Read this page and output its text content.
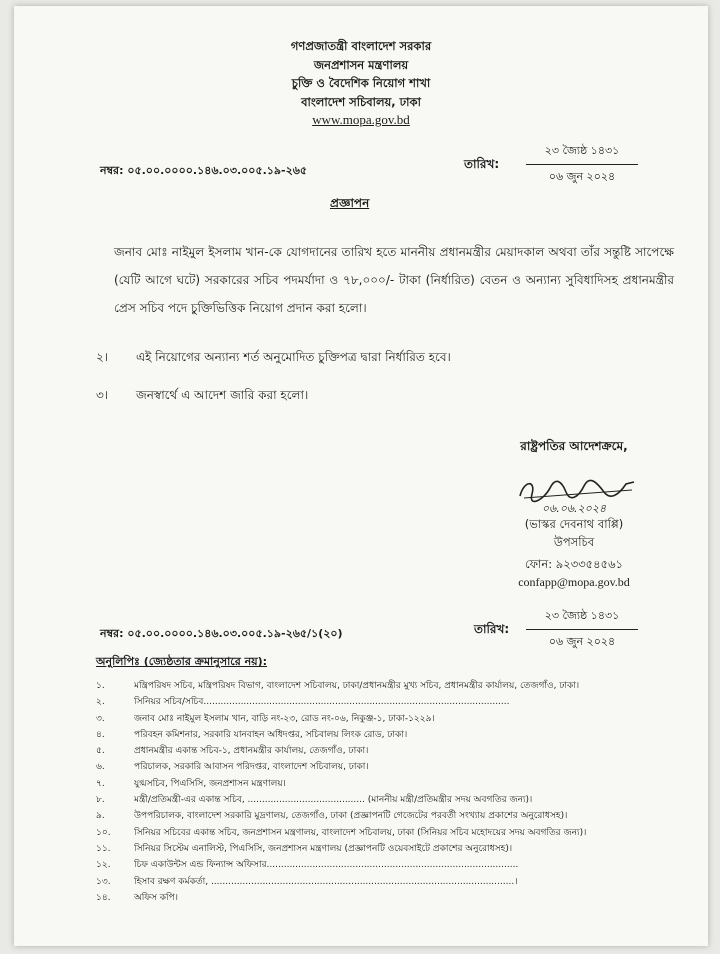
গণপ্রজাতন্ত্রী বাংলাদেশ সরকার
জনপ্রশাসন মন্ত্রণালয়
চুক্তি ও বৈদেশিক নিয়োগ শাখা
বাংলাদেশ সচিবালয়, ঢাকা
www.mopa.gov.bd
নম্বর: ০৫.০০.০০০০.১৪৬.০৩.০০৫.১৯-২৬৫	তারিখ:
২৩ জ্যৈষ্ঠ ১৪৩১
০৬ জুন ২০২৪
প্রজ্ঞাপন
জনাব মোঃ নাইমুল ইসলাম খান-কে যোগদানের তারিখ হতে মাননীয় প্রধানমন্ত্রীর মেয়াদকাল অথবা তাঁর সন্তুষ্টি সাপেক্ষে (যেটি আগে ঘটে) সরকারের সচিব পদমর্যাদা ও ৭৮,০০০/- টাকা (নির্ধারিত) বেতন ও অন্যান্য সুবিধাদিসহ প্রধানমন্ত্রীর প্রেস সচিব পদে চুক্তিভিত্তিক নিয়োগ প্রদান করা হলো।
২। এই নিয়োগের অন্যান্য শর্ত অনুমোদিত চুক্তিপত্র দ্বারা নির্ধারিত হবে।
৩। জনস্বার্থে এ আদেশ জারি করা হলো।
রাষ্ট্রপতির আদেশক্রমে,
০৬.০৬.২০২৪
(ভাস্কর দেবনাথ বাপ্পি)
উপসচিব
ফোন: ৯২৩৩৫৪৫৬১
confapp@mopa.gov.bd
নম্বর: ০৫.০০.০০০০.১৪৬.০৩.০০৫.১৯-২৬৫/১(২০)	তারিখ:
২৩ জ্যৈষ্ঠ ১৪৩১
০৬ জুন ২০২৪
অনুলিপিঃ (জ্যেষ্ঠতার ক্রমানুসারে নয়):
১.	মন্ত্রিপরিষদ সচিব, মন্ত্রিপরিষদ বিভাগ, বাংলাদেশ সচিবালয়, ঢাকা/প্রধানমন্ত্রীর মুখ্য সচিব, প্রধানমন্ত্রীর কার্যালয়, তেজগাঁও, ঢাকা।
২.	সিনিয়র সচিব/সচিব...........................................................................................................
৩.	জনাব মোঃ নাইমুল ইসলাম খান, বাড়ি নং-২৩, রোড নং-০৬, নিকুঞ্জ-১, ঢাকা-১২২৯।
৪.	পরিবহন কমিশনার, সরকারি যানবাহন অধিদপ্তর, সচিবালয় লিংক রোড, ঢাকা।
৫.	প্রধানমন্ত্রীর একান্ত সচিব-১, প্রধানমন্ত্রীর কার্যালয়, তেজগাঁও, ঢাকা।
৬.	পরিচালক, সরকারি আবাসন পরিদপ্তর, বাংলাদেশ সচিবালয়, ঢাকা।
৭.	যুগ্মসচিব, পিএসিসি, জনপ্রশাসন মন্ত্রণালয়।
৮.	মন্ত্রী/প্রতিমন্ত্রী-এর একান্ত সচিব, ......................................... (মাননীয় মন্ত্রী/প্রতিমন্ত্রীর সদয় অবগতির জন্য)।
৯.	উপপরিচালক, বাংলাদেশ সরকারি মুদ্রণালয়, তেজগাঁও, ঢাকা (প্রজ্ঞাপনটি গেজেটের পরবর্তী সংখ্যায় প্রকাশের অনুরোধসহ)।
১০.	সিনিয়র সচিবের একান্ত সচিব, জনপ্রশাসন মন্ত্রণালয়, বাংলাদেশ সচিবালয়, ঢাকা (সিনিয়র সচিব মহোদয়ের সদয় অবগতির জন্য)।
১১.	সিনিয়র সিস্টেম এনালিস্ট, পিএসিসি, জনপ্রশাসন মন্ত্রণালয় (প্রজ্ঞাপনটি ওয়েবসাইটে প্রকাশের অনুরোধসহ)।
১২.	চিফ একাউন্টস এন্ড ফিন্যান্স অফিসার........................................................................................
১৩.	হিসাব রক্ষণ কর্মকর্তা, ..........................................................................................................।
১৪.	অফিস কপি।
